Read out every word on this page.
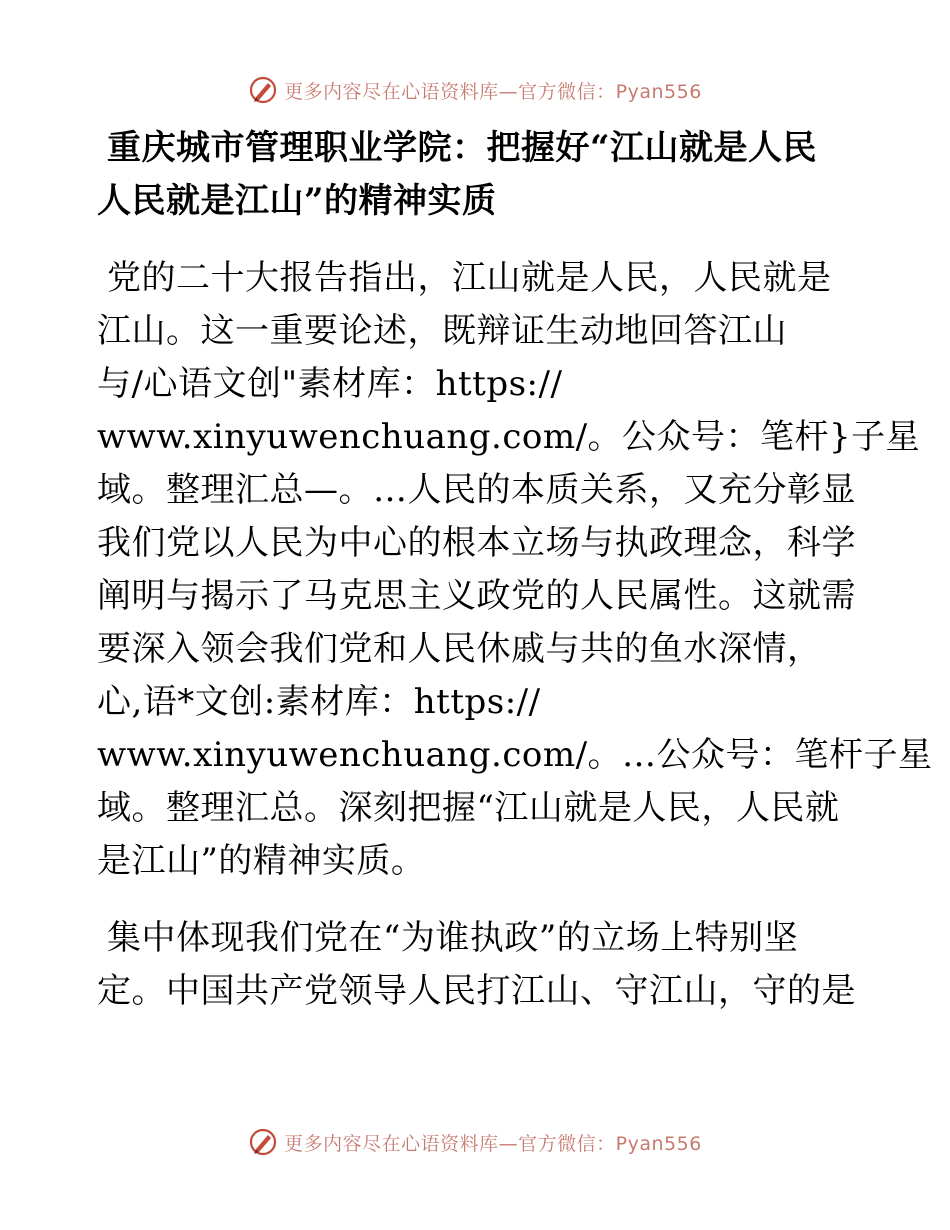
更多内容尽在心语资料库—官方微信：Pyan556
重庆城市管理职业学院：把握好“江山就是人民
人民就是江山”的精神实质

党的二十大报告指出，江山就是人民，人民就是
江山。这一重要论述，既辩证生动地回答江山
与/心语文创"素材库：https://
www.xinyuwenchuang.com/。公众号：笔杆}子星
域。整理汇总—。…人民的本质关系，又充分彰显
我们党以人民为中心的根本立场与执政理念，科学
阐明与揭示了马克思主义政党的人民属性。这就需
要深入领会我们党和人民休戚与共的鱼水深情，
心,语*文创:素材库：https://
www.xinyuwenchuang.com/。…公众号：笔杆子星
域。整理汇总。深刻把握“江山就是人民，人民就
是江山”的精神实质。

集中体现我们党在“为谁执政”的立场上特别坚
定。中国共产党领导人民打江山、守江山，守的是

更多内容尽在心语资料库—官方微信：Pyan556
